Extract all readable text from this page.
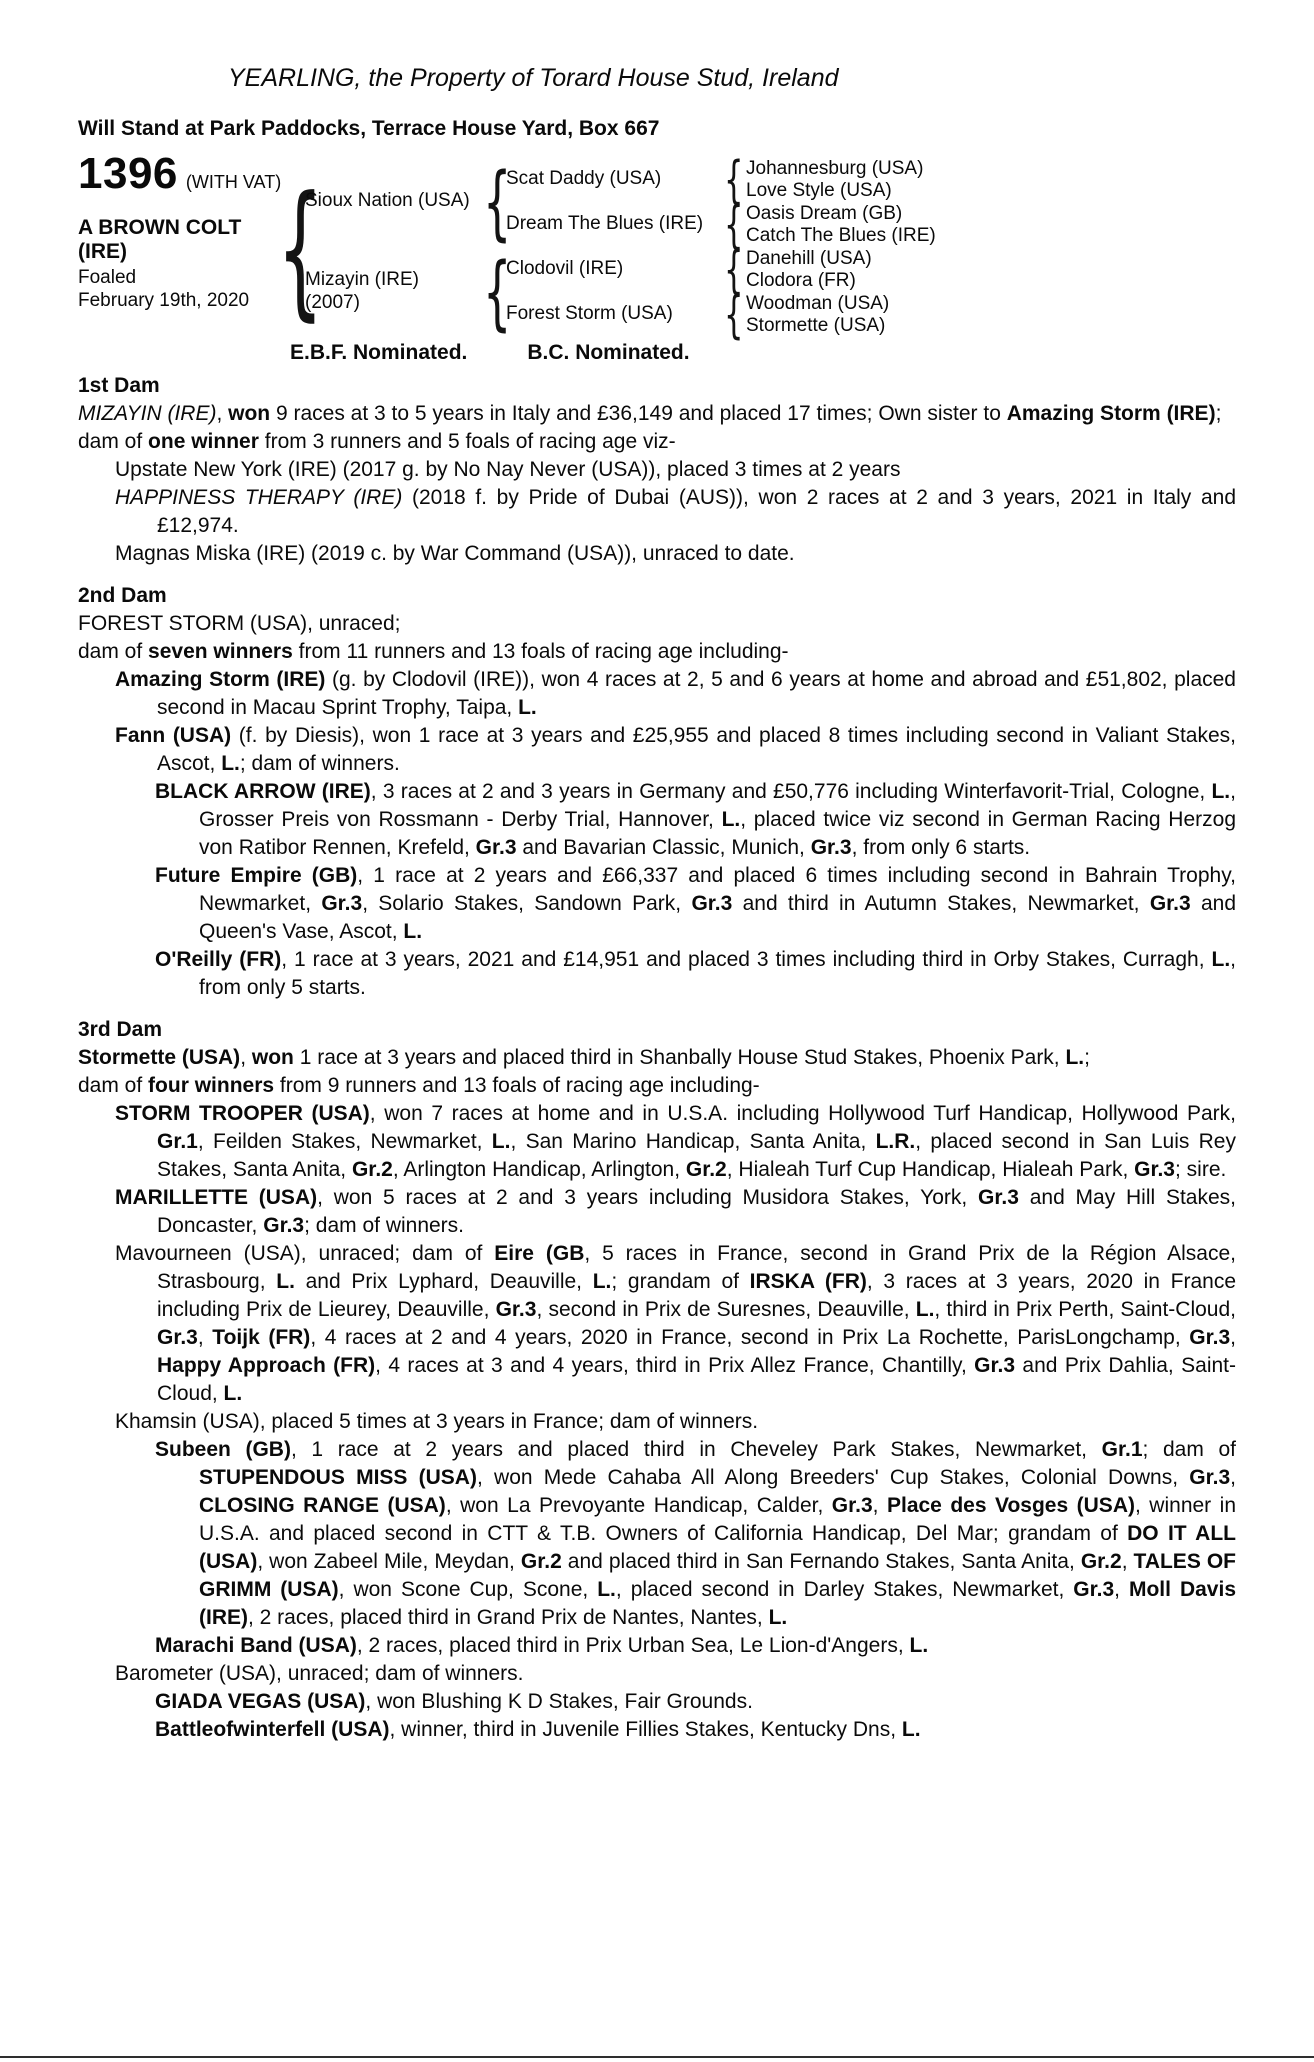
YEARLING, the Property of Torard House Stud, Ireland
Will Stand at Park Paddocks, Terrace House Yard, Box 667
1396 (WITH VAT)
A BROWN COLT
(IRE)
Foaled
February 19th, 2020
{
{
{
{
{
{
{
Sioux Nation (USA)
Mizayin (IRE)
(2007)
Scat Daddy (USA)
Dream The Blues (IRE)
Clodovil (IRE)
Forest Storm (USA)
Johannesburg (USA)
Love Style (USA)
Oasis Dream (GB)
Catch The Blues (IRE)
Danehill (USA)
Clodora (FR)
Woodman (USA)
Stormette (USA)
E.B.F. Nominated.	B.C. Nominated.
1st Dam
MIZAYIN (IRE), won 9 races at 3 to 5 years in Italy and £36,149 and placed 17 times; Own sister to Amazing Storm (IRE);
dam of one winner from 3 runners and 5 foals of racing age viz-
Upstate New York (IRE) (2017 g. by No Nay Never (USA)), placed 3 times at 2 years
HAPPINESS THERAPY (IRE) (2018 f. by Pride of Dubai (AUS)), won 2 races at 2 and 3 years, 2021 in Italy and £12,974.
Magnas Miska (IRE) (2019 c. by War Command (USA)), unraced to date.
2nd Dam
FOREST STORM (USA), unraced;
dam of seven winners from 11 runners and 13 foals of racing age including-
Amazing Storm (IRE) (g. by Clodovil (IRE)), won 4 races at 2, 5 and 6 years at home and abroad and £51,802, placed second in Macau Sprint Trophy, Taipa, L.
Fann (USA) (f. by Diesis), won 1 race at 3 years and £25,955 and placed 8 times including second in Valiant Stakes, Ascot, L.; dam of winners.
BLACK ARROW (IRE), 3 races at 2 and 3 years in Germany and £50,776 including Winterfavorit-Trial, Cologne, L., Grosser Preis von Rossmann - Derby Trial, Hannover, L., placed twice viz second in German Racing Herzog von Ratibor Rennen, Krefeld, Gr.3 and Bavarian Classic, Munich, Gr.3, from only 6 starts.
Future Empire (GB), 1 race at 2 years and £66,337 and placed 6 times including second in Bahrain Trophy, Newmarket, Gr.3, Solario Stakes, Sandown Park, Gr.3 and third in Autumn Stakes, Newmarket, Gr.3 and Queen's Vase, Ascot, L.
O'Reilly (FR), 1 race at 3 years, 2021 and £14,951 and placed 3 times including third in Orby Stakes, Curragh, L., from only 5 starts.
3rd Dam
Stormette (USA), won 1 race at 3 years and placed third in Shanbally House Stud Stakes, Phoenix Park, L.;
dam of four winners from 9 runners and 13 foals of racing age including-
STORM TROOPER (USA), won 7 races at home and in U.S.A. including Hollywood Turf Handicap, Hollywood Park, Gr.1, Feilden Stakes, Newmarket, L., San Marino Handicap, Santa Anita, L.R., placed second in San Luis Rey Stakes, Santa Anita, Gr.2, Arlington Handicap, Arlington, Gr.2, Hialeah Turf Cup Handicap, Hialeah Park, Gr.3; sire.
MARILLETTE (USA), won 5 races at 2 and 3 years including Musidora Stakes, York, Gr.3 and May Hill Stakes, Doncaster, Gr.3; dam of winners.
Mavourneen (USA), unraced; dam of Eire (GB, 5 races in France, second in Grand Prix de la Région Alsace, Strasbourg, L. and Prix Lyphard, Deauville, L.; grandam of IRSKA (FR), 3 races at 3 years, 2020 in France including Prix de Lieurey, Deauville, Gr.3, second in Prix de Suresnes, Deauville, L., third in Prix Perth, Saint-Cloud, Gr.3, Toijk (FR), 4 races at 2 and 4 years, 2020 in France, second in Prix La Rochette, ParisLongchamp, Gr.3, Happy Approach (FR), 4 races at 3 and 4 years, third in Prix Allez France, Chantilly, Gr.3 and Prix Dahlia, Saint-Cloud, L.
Khamsin (USA), placed 5 times at 3 years in France; dam of winners.
Subeen (GB), 1 race at 2 years and placed third in Cheveley Park Stakes, Newmarket, Gr.1; dam of STUPENDOUS MISS (USA), won Mede Cahaba All Along Breeders' Cup Stakes, Colonial Downs, Gr.3, CLOSING RANGE (USA), won La Prevoyante Handicap, Calder, Gr.3, Place des Vosges (USA), winner in U.S.A. and placed second in CTT & T.B. Owners of California Handicap, Del Mar; grandam of DO IT ALL (USA), won Zabeel Mile, Meydan, Gr.2 and placed third in San Fernando Stakes, Santa Anita, Gr.2, TALES OF GRIMM (USA), won Scone Cup, Scone, L., placed second in Darley Stakes, Newmarket, Gr.3, Moll Davis (IRE), 2 races, placed third in Grand Prix de Nantes, Nantes, L.
Marachi Band (USA), 2 races, placed third in Prix Urban Sea, Le Lion-d'Angers, L.
Barometer (USA), unraced; dam of winners.
GIADA VEGAS (USA), won Blushing K D Stakes, Fair Grounds.
Battleofwinterfell (USA), winner, third in Juvenile Fillies Stakes, Kentucky Dns, L.
